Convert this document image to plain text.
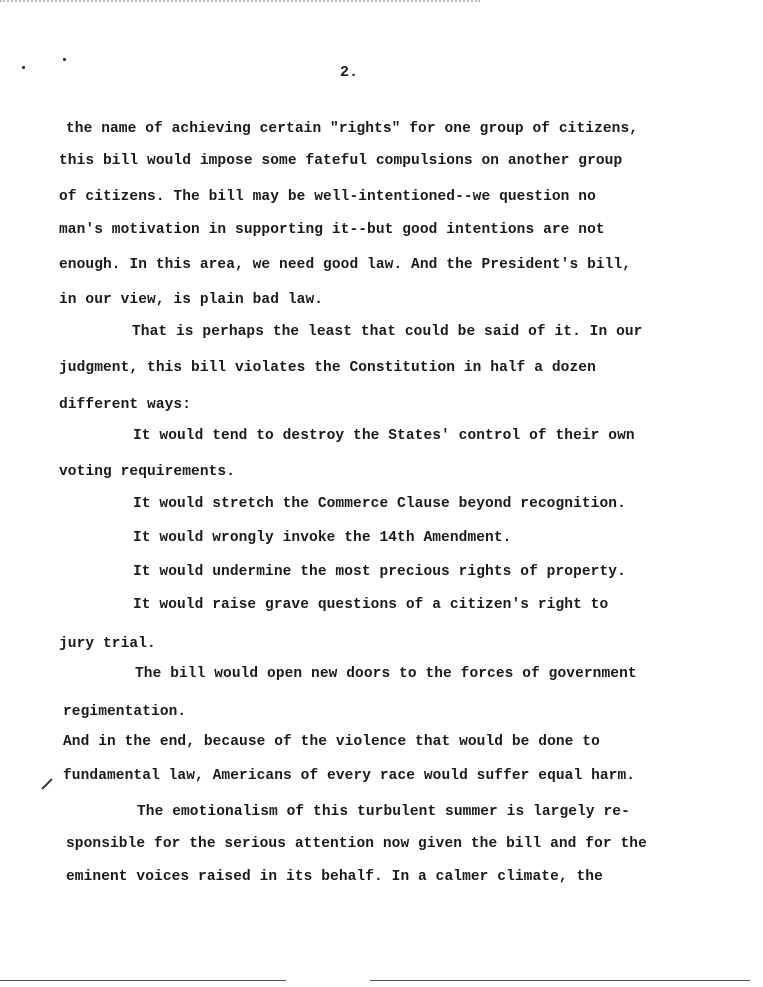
2.
the name of achieving certain "rights" for one group of citizens,
this bill would impose some fateful compulsions on another group
of citizens. The bill may be well-intentioned--we question no
man's motivation in supporting it--but good intentions are not
enough. In this area, we need good law. And the President's bill,
in our view, is plain bad law.
That is perhaps the least that could be said of it. In our
judgment, this bill violates the Constitution in half a dozen
different ways:
It would tend to destroy the States' control of their own
voting requirements.
It would stretch the Commerce Clause beyond recognition.
It would wrongly invoke the 14th Amendment.
It would undermine the most precious rights of property.
It would raise grave questions of a citizen's right to
jury trial.
The bill would open new doors to the forces of government
regimentation.
And in the end, because of the violence that would be done to
fundamental law, Americans of every race would suffer equal harm.
The emotionalism of this turbulent summer is largely re-
sponsible for the serious attention now given the bill and for the
eminent voices raised in its behalf. In a calmer climate, the
